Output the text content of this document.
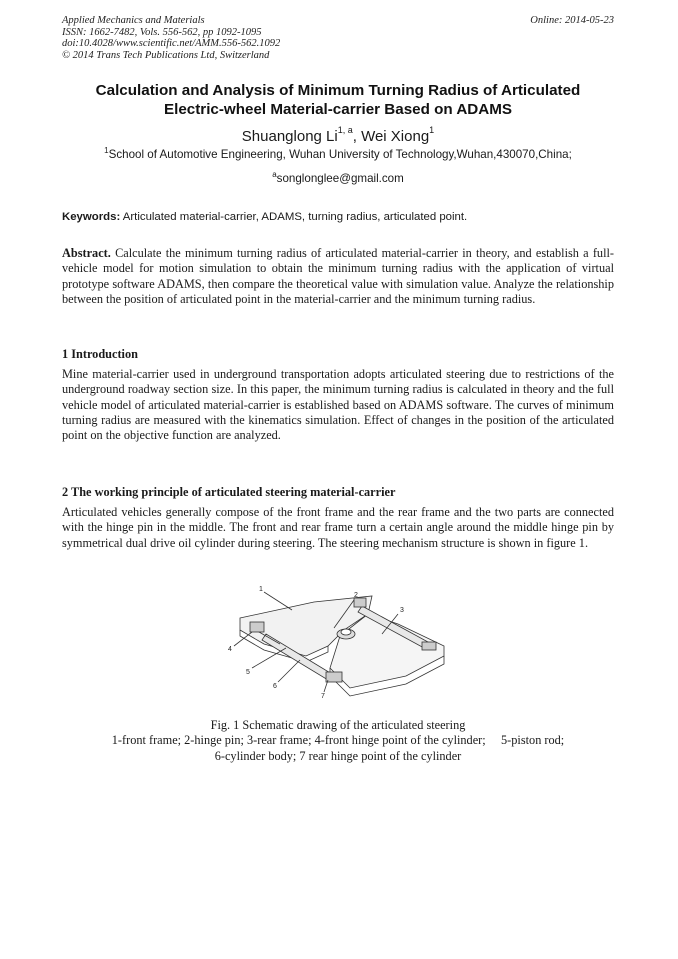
Applied Mechanics and Materials
ISSN: 1662-7482, Vols. 556-562, pp 1092-1095
doi:10.4028/www.scientific.net/AMM.556-562.1092
© 2014 Trans Tech Publications Ltd, Switzerland
Online: 2014-05-23
Calculation and Analysis of Minimum Turning Radius of Articulated
Electric-wheel Material-carrier Based on ADAMS
Shuanglong Li$^{1, a}$, Wei Xiong$^1$
$^1$School of Automotive Engineering, Wuhan University of Technology,Wuhan,430070,China;
$^a$songlonglee@gmail.com
Keywords: Articulated material-carrier, ADAMS, turning radius, articulated point.
Abstract. Calculate the minimum turning radius of articulated material-carrier in theory, and establish a full-vehicle model for motion simulation to obtain the minimum turning radius with the application of virtual prototype software ADAMS, then compare the theoretical value with simulation value. Analyze the relationship between the position of articulated point in the material-carrier and the minimum turning radius.
1 Introduction
Mine material-carrier used in underground transportation adopts articulated steering due to restrictions of the underground roadway section size. In this paper, the minimum turning radius is calculated in theory and the full vehicle model of articulated material-carrier is established based on ADAMS software. The curves of minimum turning radius are measured with the kinematics simulation. Effect of changes in the position of the articulated point on the objective function are analyzed.
2 The working principle of articulated steering material-carrier
Articulated vehicles generally compose of the front frame and the rear frame and the two parts are connected with the hinge pin in the middle. The front and rear frame turn a certain angle around the middle hinge pin by symmetrical dual drive oil cylinder during steering. The steering mechanism structure is shown in figure 1.
1
2
3
4
5
6
7
Fig. 1 Schematic drawing of the articulated steering
1-front frame; 2-hinge pin; 3-rear frame; 4-front hinge point of the cylinder;     5-piston rod;
6-cylinder body; 7 rear hinge point of the cylinder
